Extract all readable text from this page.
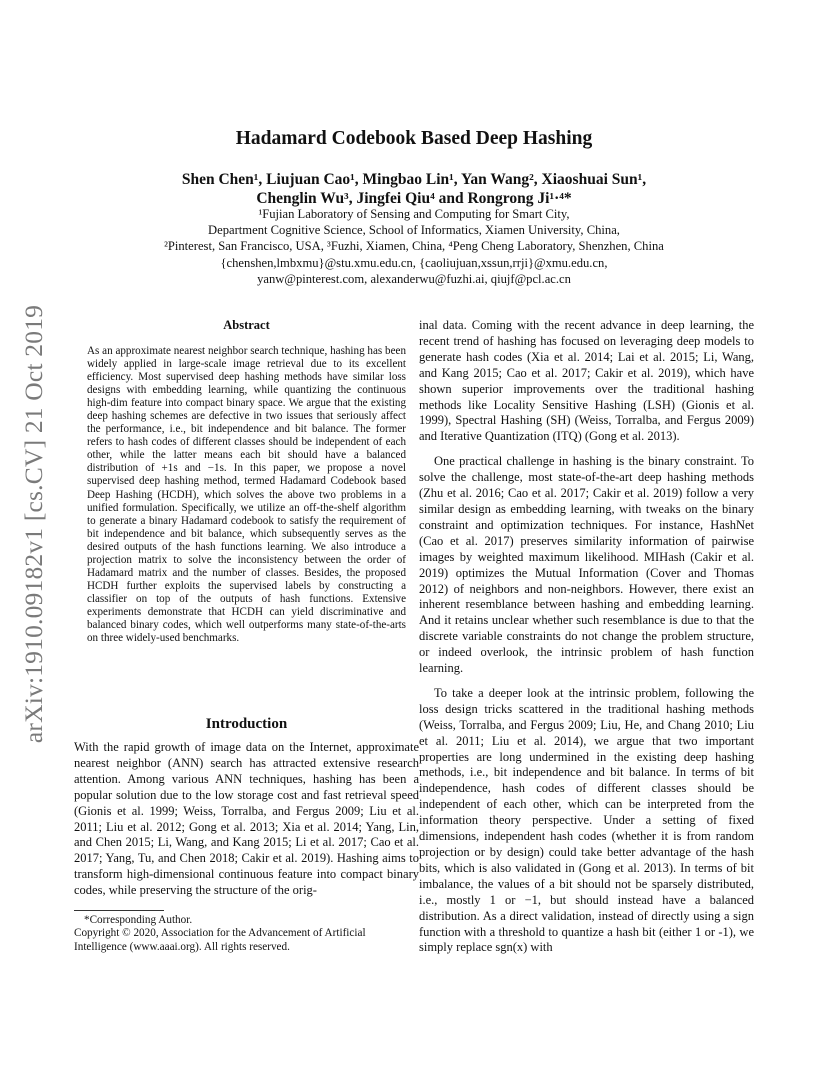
arXiv:1910.09182v1 [cs.CV] 21 Oct 2019
Hadamard Codebook Based Deep Hashing
Shen Chen¹, Liujuan Cao¹, Mingbao Lin¹, Yan Wang², Xiaoshuai Sun¹,
Chenglin Wu³, Jingfei Qiu⁴ and Rongrong Ji¹·⁴*
¹Fujian Laboratory of Sensing and Computing for Smart City,
Department Cognitive Science, School of Informatics, Xiamen University, China,
²Pinterest, San Francisco, USA, ³Fuzhi, Xiamen, China, ⁴Peng Cheng Laboratory, Shenzhen, China
{chenshen,lmbxmu}@stu.xmu.edu.cn, {caoliujuan,xssun,rrji}@xmu.edu.cn,
yanw@pinterest.com, alexanderwu@fuzhi.ai, qiujf@pcl.ac.cn
Abstract

As an approximate nearest neighbor search technique, hashing has been widely applied in large-scale image retrieval due to its excellent efficiency. Most supervised deep hashing methods have similar loss designs with embedding learning, while quantizing the continuous high-dim feature into compact binary space. We argue that the existing deep hashing schemes are defective in two issues that seriously affect the performance, i.e., bit independence and bit balance. The former refers to hash codes of different classes should be independent of each other, while the latter means each bit should have a balanced distribution of +1s and −1s. In this paper, we propose a novel supervised deep hashing method, termed Hadamard Codebook based Deep Hashing (HCDH), which solves the above two problems in a unified formulation. Specifically, we utilize an off-the-shelf algorithm to generate a binary Hadamard codebook to satisfy the requirement of bit independence and bit balance, which subsequently serves as the desired outputs of the hash functions learning. We also introduce a projection matrix to solve the inconsistency between the order of Hadamard matrix and the number of classes. Besides, the proposed HCDH further exploits the supervised labels by constructing a classifier on top of the outputs of hash functions. Extensive experiments demonstrate that HCDH can yield discriminative and balanced binary codes, which well outperforms many state-of-the-arts on three widely-used benchmarks.

Introduction

With the rapid growth of image data on the Internet, approximate nearest neighbor (ANN) search has attracted extensive research attention. Among various ANN techniques, hashing has been a popular solution due to the low storage cost and fast retrieval speed (Gionis et al. 1999; Weiss, Torralba, and Fergus 2009; Liu et al. 2011; Liu et al. 2012; Gong et al. 2013; Xia et al. 2014; Yang, Lin, and Chen 2015; Li, Wang, and Kang 2015; Li et al. 2017; Cao et al. 2017; Yang, Tu, and Chen 2018; Cakir et al. 2019). Hashing aims to transform high-dimensional continuous feature into compact binary codes, while preserving the structure of the orig-

*Corresponding Author.
Copyright © 2020, Association for the Advancement of Artificial Intelligence (www.aaai.org). All rights reserved.

inal data. Coming with the recent advance in deep learning, the recent trend of hashing has focused on leveraging deep models to generate hash codes (Xia et al. 2014; Lai et al. 2015; Li, Wang, and Kang 2015; Cao et al. 2017; Cakir et al. 2019), which have shown superior improvements over the traditional hashing methods like Locality Sensitive Hashing (LSH) (Gionis et al. 1999), Spectral Hashing (SH) (Weiss, Torralba, and Fergus 2009) and Iterative Quantization (ITQ) (Gong et al. 2013).

One practical challenge in hashing is the binary constraint. To solve the challenge, most state-of-the-art deep hashing methods (Zhu et al. 2016; Cao et al. 2017; Cakir et al. 2019) follow a very similar design as embedding learning, with tweaks on the binary constraint and optimization techniques. For instance, HashNet (Cao et al. 2017) preserves similarity information of pairwise images by weighted maximum likelihood. MIHash (Cakir et al. 2019) optimizes the Mutual Information (Cover and Thomas 2012) of neighbors and non-neighbors. However, there exist an inherent resemblance between hashing and embedding learning. And it retains unclear whether such resemblance is due to that the discrete variable constraints do not change the problem structure, or indeed overlook, the intrinsic problem of hash function learning.

To take a deeper look at the intrinsic problem, following the loss design tricks scattered in the traditional hashing methods (Weiss, Torralba, and Fergus 2009; Liu, He, and Chang 2010; Liu et al. 2011; Liu et al. 2014), we argue that two important properties are long undermined in the existing deep hashing methods, i.e., bit independence and bit balance. In terms of bit independence, hash codes of different classes should be independent of each other, which can be interpreted from the information theory perspective. Under a setting of fixed dimensions, independent hash codes (whether it is from random projection or by design) could take better advantage of the hash bits, which is also validated in (Gong et al. 2013). In terms of bit imbalance, the values of a bit should not be sparsely distributed, i.e., mostly 1 or −1, but should instead have a balanced distribution. As a direct validation, instead of directly using a sign function with a threshold to quantize a hash bit (either 1 or -1), we simply replace sgn(x) with
